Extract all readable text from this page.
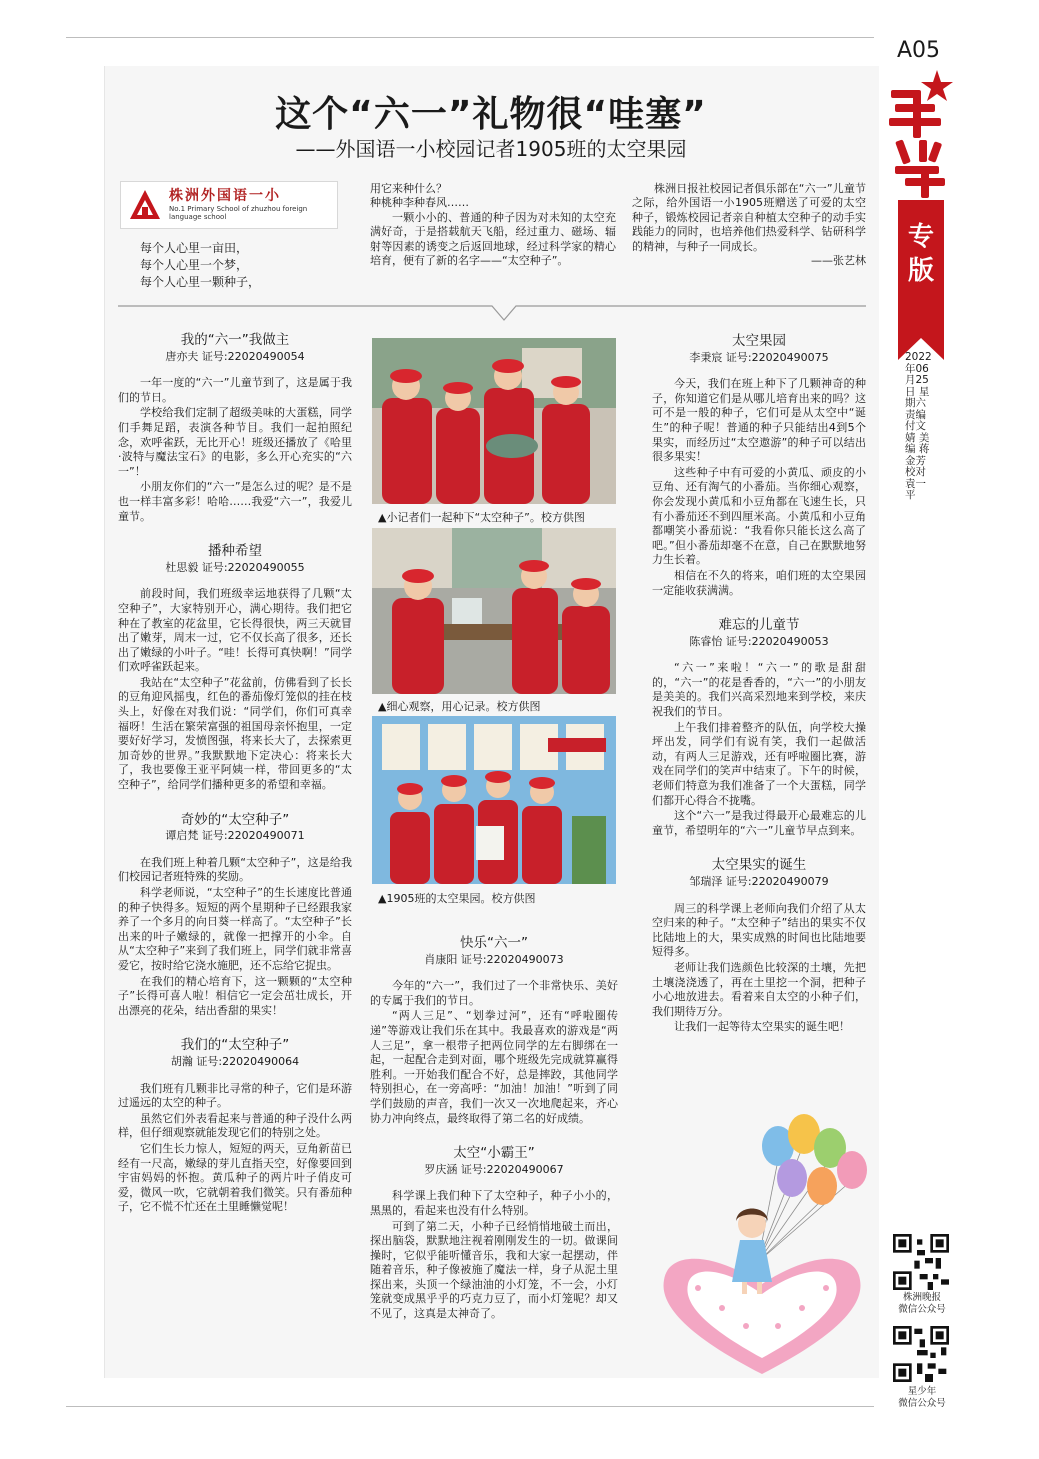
这个“六一”礼物很“哇塞”
——外国语一小校园记者1905班的太空果园
株洲外国语一小
No.1 Primary School of zhuzhou foreign language school
每个人心里一亩田，
每个人心里一个梦，
每个人心里一颗种子，
用它来种什么？
种桃种李种春风……
一颗小小的、普通的种子因为对未知的太空充满好奇，于是搭载航天飞船，经过重力、磁场、辐射等因素的诱变之后返回地球，经过科学家的精心培育，便有了新的名字——“太空种子”。
株洲日报社校园记者俱乐部在“六一”儿童节之际，给外国语一小1905班赠送了可爱的太空种子，锻炼校园记者亲自种植太空种子的动手实践能力的同时，也培养他们热爱科学、钻研科学的精神，与种子一同成长。
——张艺林
我的“六一”我做主
唐亦夫 证号:22020490054

一年一度的“六一”儿童节到了，这是属于我们的节日。

学校给我们定制了超级美味的大蛋糕，同学们手舞足蹈，表演各种节目。我们一起拍照纪念，欢呼雀跃，无比开心！班级还播放了《哈里·波特与魔法宝石》的电影，多么开心充实的“六一”！

小朋友你们的“六一”是怎么过的呢？是不是也一样丰富多彩！哈哈……我爱“六一”，我爱儿童节。

播种希望
杜思毅 证号:22020490055

前段时间，我们班级幸运地获得了几颗“太空种子”，大家特别开心，满心期待。我们把它种在了教室的花盆里，它长得很快，两三天就冒出了嫩芽，周末一过，它不仅长高了很多，还长出了嫩绿的小叶子。“哇！长得可真快啊！”同学们欢呼雀跃起来。

我站在“太空种子”花盆前，仿佛看到了长长的豆角迎风摇曳，红色的番茄像灯笼似的挂在枝头上，好像在对我们说：“同学们，你们可真幸福呀！生活在繁荣富强的祖国母亲怀抱里，一定要好好学习，发愤图强，将来长大了，去探索更加奇妙的世界。”我默默地下定决心：将来长大了，我也要像王亚平阿姨一样，带回更多的“太空种子”，给同学们播种更多的希望和幸福。

奇妙的“太空种子”
谭启梵 证号:22020490071

在我们班上种着几颗“太空种子”，这是给我们校园记者班特殊的奖励。

科学老师说，“太空种子”的生长速度比普通的种子快得多。短短的两个星期种子已经跟我家养了一个多月的向日葵一样高了。“太空种子”长出来的叶子嫩绿的，就像一把撑开的小伞。自从“太空种子”来到了我们班上，同学们就非常喜爱它，按时给它浇水施肥，还不忘给它捉虫。

在我们的精心培育下，这一颗颗的“太空种子”长得可喜人啦！相信它一定会茁壮成长，开出漂亮的花朵，结出香甜的果实！

我们的“太空种子”
胡瀚 证号:22020490064

我们班有几颗非比寻常的种子，它们是环游过遥远的太空的种子。

虽然它们外表看起来与普通的种子没什么两样，但仔细观察就能发现它们的特别之处。

它们生长力惊人，短短的两天，豆角新苗已经有一尺高，嫩绿的芽儿直指天空，好像要回到宇宙妈妈的怀抱。黄瓜种子的两片叶子俏皮可爱，微风一吹，它就朝着我们微笑。只有番茄种子，它不慌不忙还在土里睡懒觉呢！

▲小记者们一起种下“太空种子”。校方供图
▲细心观察，用心记录。校方供图
▲1905班的太空果园。校方供图
快乐“六一”
肖康阳 证号:22020490073

今年的“六一”，我们过了一个非常快乐、美好的专属于我们的节日。

“两人三足”、“划拳过河”，还有“呼啦圈传递”等游戏让我们乐在其中。我最喜欢的游戏是“两人三足”，拿一根带子把两位同学的左右脚绑在一起，一起配合走到对面，哪个班级先完成就算赢得胜利。一开始我们配合不好，总是摔跤，其他同学特别担心，在一旁高呼：“加油！加油！”听到了同学们鼓励的声音，我们一次又一次地爬起来，齐心协力冲向终点，最终取得了第二名的好成绩。

太空“小霸王”
罗庆涵 证号:22020490067

科学课上我们种下了太空种子，种子小小的，黑黑的，看起来也没有什么特别。

可到了第二天，小种子已经悄悄地破土而出，探出脑袋，默默地注视着刚刚发生的一切。做课间操时，它似乎能听懂音乐，我和大家一起摆动，伴随着音乐，种子像被施了魔法一样，身子从泥土里探出来，头顶一个绿油油的小灯笼，不一会，小灯笼就变成黑乎乎的巧克力豆了，而小灯笼呢？却又不见了，这真是太神奇了。

太空果园
李秉宸 证号:22020490075

今天，我们在班上种下了几颗神奇的种子，你知道它们是从哪儿培育出来的吗？这可不是一般的种子，它们可是从太空中“诞生”的种子呢！普通的种子只能结出4到5个果实，而经历过“太空遨游”的种子可以结出很多果实！

这些种子中有可爱的小黄瓜、顽皮的小豆角、还有淘气的小番茄。当你细心观察，你会发现小黄瓜和小豆角都在飞速生长，只有小番茄还不到四厘米高。小黄瓜和小豆角都嘲笑小番茄说：“我看你只能长这么高了吧。”但小番茄却毫不在意，自己在默默地努力生长着。

相信在不久的将来，咱们班的太空果园一定能收获满满。

难忘的儿童节
陈睿怡 证号:22020490053

“六一”来啦！“六一”的歌是甜甜的，“六一”的花是香香的，“六一”的小朋友是美美的。我们兴高采烈地来到学校，来庆祝我们的节日。

上午我们排着整齐的队伍，向学校大操坪出发，同学们有说有笑，我们一起做活动，有两人三足游戏，还有呼啦圈比赛，游戏在同学们的笑声中结束了。下午的时候，老师们特意为我们准备了一个大蛋糕，同学们都开心得合不拢嘴。

这个“六一”是我过得最开心最难忘的儿童节，希望明年的“六一”儿童节早点到来。

太空果实的诞生
邹瑞泽 证号:22020490079

周三的科学课上老师向我们介绍了从太空归来的种子。“太空种子”结出的果实不仅比陆地上的大，果实成熟的时间也比陆地要短得多。

老师让我们选颜色比较深的土壤，先把土壤浇浇透了，再在土里挖一个洞，把种子小心地放进去。看着来自太空的小种子们，我们期待万分。

让我们一起等待太空果实的诞生吧！

A05
专版
2022年06月25日 星期六 责编 付文婧 美编 蒋金芳 校对 袁一平
株洲晚报
微信公众号
星少年
微信公众号
